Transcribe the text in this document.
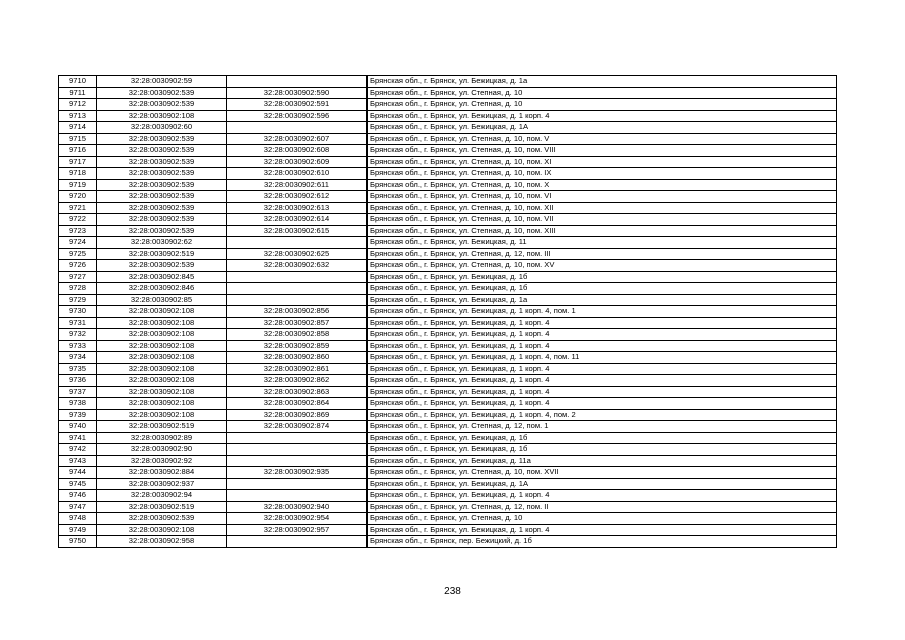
9710	32:28:0030902:59			Брянская обл., г. Брянск, ул. Бежицкая, д. 1а
9711	32:28:0030902:539	32:28:0030902:590		Брянская обл., г. Брянск, ул. Степная, д. 10
9712	32:28:0030902:539	32:28:0030902:591		Брянская обл., г. Брянск, ул. Степная, д. 10
9713	32:28:0030902:108	32:28:0030902:596		Брянская обл., г. Брянск, ул. Бежицкая, д. 1 корп. 4
9714	32:28:0030902:60			Брянская обл., г. Брянск, ул. Бежицкая, д. 1А
9715	32:28:0030902:539	32:28:0030902:607		Брянская обл., г. Брянск, ул. Степная, д. 10, пом. V
9716	32:28:0030902:539	32:28:0030902:608		Брянская обл., г. Брянск, ул. Степная, д. 10, пом. VIII
9717	32:28:0030902:539	32:28:0030902:609		Брянская обл., г. Брянск, ул. Степная, д. 10, пом. XI
9718	32:28:0030902:539	32:28:0030902:610		Брянская обл., г. Брянск, ул. Степная, д. 10, пом. IX
9719	32:28:0030902:539	32:28:0030902:611		Брянская обл., г. Брянск, ул. Степная, д. 10, пом. X
9720	32:28:0030902:539	32:28:0030902:612		Брянская обл., г. Брянск, ул. Степная, д. 10, пом. VI
9721	32:28:0030902:539	32:28:0030902:613		Брянская обл., г. Брянск, ул. Степная, д. 10, пом. XII
9722	32:28:0030902:539	32:28:0030902:614		Брянская обл., г. Брянск, ул. Степная, д. 10, пом. VII
9723	32:28:0030902:539	32:28:0030902:615		Брянская обл., г. Брянск, ул. Степная, д. 10, пом. XIII
9724	32:28:0030902:62			Брянская обл., г. Брянск, ул. Бежицкая, д. 11
9725	32:28:0030902:519	32:28:0030902:625		Брянская обл., г. Брянск, ул. Степная, д. 12, пом. III
9726	32:28:0030902:539	32:28:0030902:632		Брянская обл., г. Брянск, ул. Степная, д. 10, пом. XV
9727	32:28:0030902:845			Брянская обл., г. Брянск, ул. Бежицкая, д. 1б
9728	32:28:0030902:846			Брянская обл., г. Брянск, ул. Бежицкая, д. 1б
9729	32:28:0030902:85			Брянская обл., г. Брянск, ул. Бежицкая, д. 1а
9730	32:28:0030902:108	32:28:0030902:856		Брянская обл., г. Брянск, ул. Бежицкая, д. 1 корп. 4, пом. 1
9731	32:28:0030902:108	32:28:0030902:857		Брянская обл., г. Брянск, ул. Бежицкая, д. 1 корп. 4
9732	32:28:0030902:108	32:28:0030902:858		Брянская обл., г. Брянск, ул. Бежицкая, д. 1 корп. 4
9733	32:28:0030902:108	32:28:0030902:859		Брянская обл., г. Брянск, ул. Бежицкая, д. 1 корп. 4
9734	32:28:0030902:108	32:28:0030902:860		Брянская обл., г. Брянск, ул. Бежицкая, д. 1 корп. 4, пом. 11
9735	32:28:0030902:108	32:28:0030902:861		Брянская обл., г. Брянск, ул. Бежицкая, д. 1 корп. 4
9736	32:28:0030902:108	32:28:0030902:862		Брянская обл., г. Брянск, ул. Бежицкая, д. 1 корп. 4
9737	32:28:0030902:108	32:28:0030902:863		Брянская обл., г. Брянск, ул. Бежицкая, д. 1 корп. 4
9738	32:28:0030902:108	32:28:0030902:864		Брянская обл., г. Брянск, ул. Бежицкая, д. 1 корп. 4
9739	32:28:0030902:108	32:28:0030902:869		Брянская обл., г. Брянск, ул. Бежицкая, д. 1 корп. 4, пом. 2
9740	32:28:0030902:519	32:28:0030902:874		Брянская обл., г. Брянск, ул. Степная, д. 12, пом. 1
9741	32:28:0030902:89			Брянская обл., г. Брянск, ул. Бежицкая, д. 1б
9742	32:28:0030902:90			Брянская обл., г. Брянск, ул. Бежицкая, д. 1б
9743	32:28:0030902:92			Брянская обл., г. Брянск, ул. Бежицкая, д. 11а
9744	32:28:0030902:884	32:28:0030902:935		Брянская обл., г. Брянск, ул. Степная, д. 10, пом. XVII
9745	32:28:0030902:937			Брянская обл., г. Брянск, ул. Бежицкая, д. 1А
9746	32:28:0030902:94			Брянская обл., г. Брянск, ул. Бежицкая, д. 1 корп. 4
9747	32:28:0030902:519	32:28:0030902:940		Брянская обл., г. Брянск, ул. Степная, д. 12, пом. II
9748	32:28:0030902:539	32:28:0030902:954		Брянская обл., г. Брянск, ул. Степная, д. 10
9749	32:28:0030902:108	32:28:0030902:957		Брянская обл., г. Брянск, ул. Бежицкая, д. 1 корп. 4
9750	32:28:0030902:958			Брянская обл., г. Брянск, пер. Бежицкий, д. 1б
238
